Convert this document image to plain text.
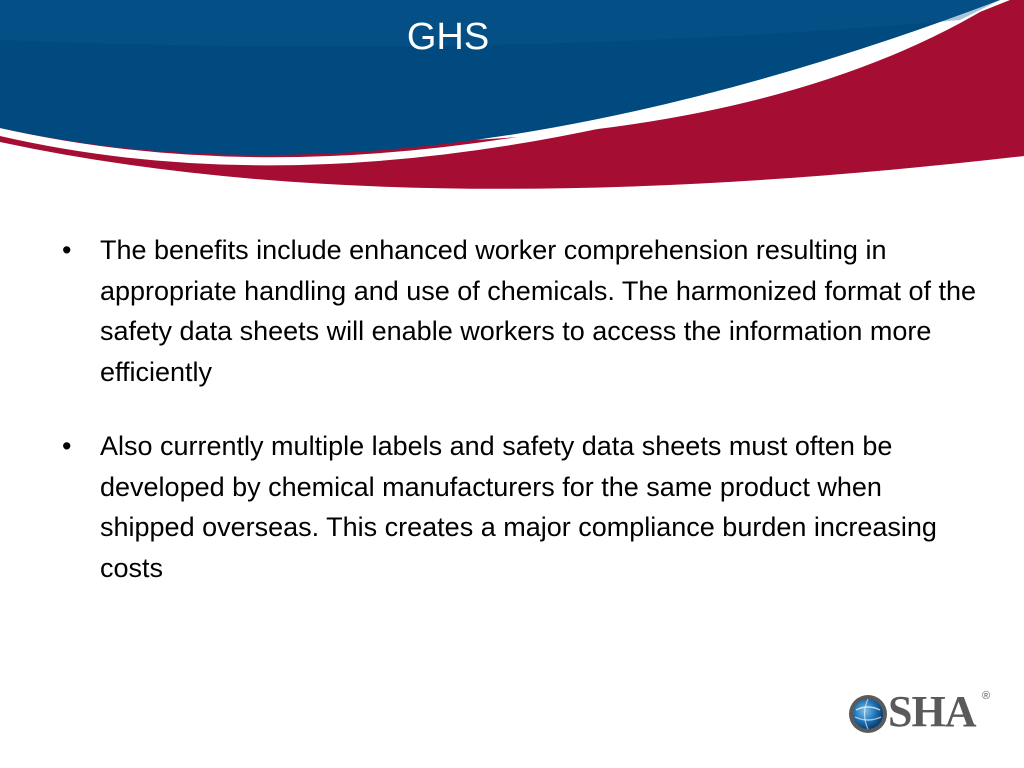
GHS
• The benefits include enhanced worker comprehension resulting in appropriate handling and use of chemicals. The harmonized format of the safety data sheets will enable workers to access the information more efficiently
• Also currently multiple labels and safety data sheets must often be developed by chemical manufacturers for the same product when shipped overseas. This creates a major compliance burden increasing costs
SHA ®
